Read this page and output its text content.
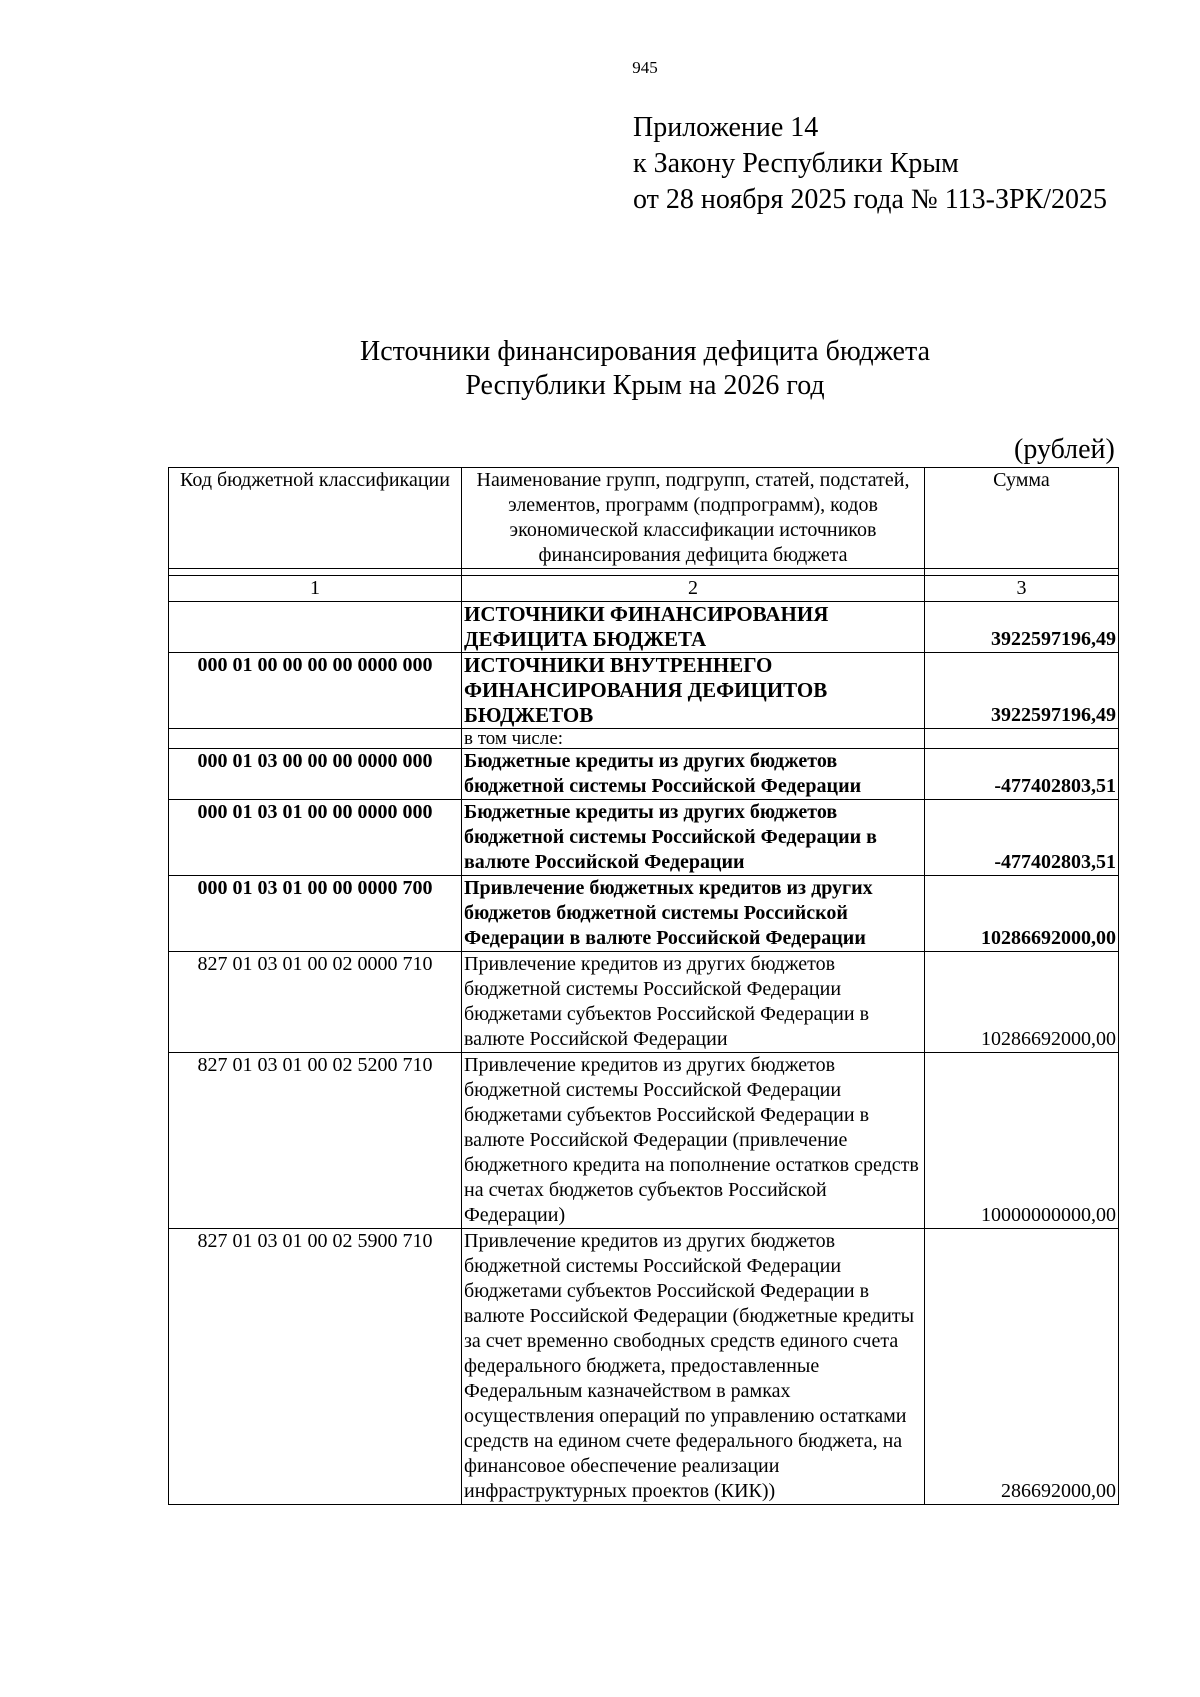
945
Приложение 14
к Закону Республики Крым
от 28 ноября 2025 года № 113-ЗРК/2025
Источники финансирования дефицита бюджета
Республики Крым на 2026 год
(рублей)
Код бюджетной классификации	Наименование групп, подгрупп, статей, подстатей, элементов, программ (подпрограмм), кодов экономической классификации источников финансирования дефицита бюджета	Сумма

1	2	3
	ИСТОЧНИКИ ФИНАНСИРОВАНИЯ ДЕФИЦИТА БЮДЖЕТА	3922597196,49
000 01 00 00 00 00 0000 000	ИСТОЧНИКИ ВНУТРЕННЕГО ФИНАНСИРОВАНИЯ ДЕФИЦИТОВ БЮДЖЕТОВ	3922597196,49
	в том числе:	
000 01 03 00 00 00 0000 000	Бюджетные кредиты из других бюджетов бюджетной системы Российской Федерации	-477402803,51
000 01 03 01 00 00 0000 000	Бюджетные кредиты из других бюджетов бюджетной системы Российской Федерации в валюте Российской Федерации	-477402803,51
000 01 03 01 00 00 0000 700	Привлечение бюджетных кредитов из других бюджетов бюджетной системы Российской Федерации в валюте Российской Федерации	10286692000,00
827 01 03 01 00 02 0000 710	Привлечение кредитов из других бюджетов бюджетной системы Российской Федерации бюджетами субъектов Российской Федерации в валюте Российской Федерации	10286692000,00
827 01 03 01 00 02 5200 710	Привлечение кредитов из других бюджетов бюджетной системы Российской Федерации бюджетами субъектов Российской Федерации в валюте Российской Федерации (привлечение бюджетного кредита на пополнение остатков средств на счетах бюджетов субъектов Российской Федерации)	10000000000,00
827 01 03 01 00 02 5900 710	Привлечение кредитов из других бюджетов бюджетной системы Российской Федерации бюджетами субъектов Российской Федерации в валюте Российской Федерации (бюджетные кредиты за счет временно свободных средств единого счета федерального бюджета, предоставленные Федеральным казначейством в рамках осуществления операций по управлению остатками средств на едином счете федерального бюджета, на финансовое обеспечение реализации инфраструктурных проектов (КИК))	286692000,00
